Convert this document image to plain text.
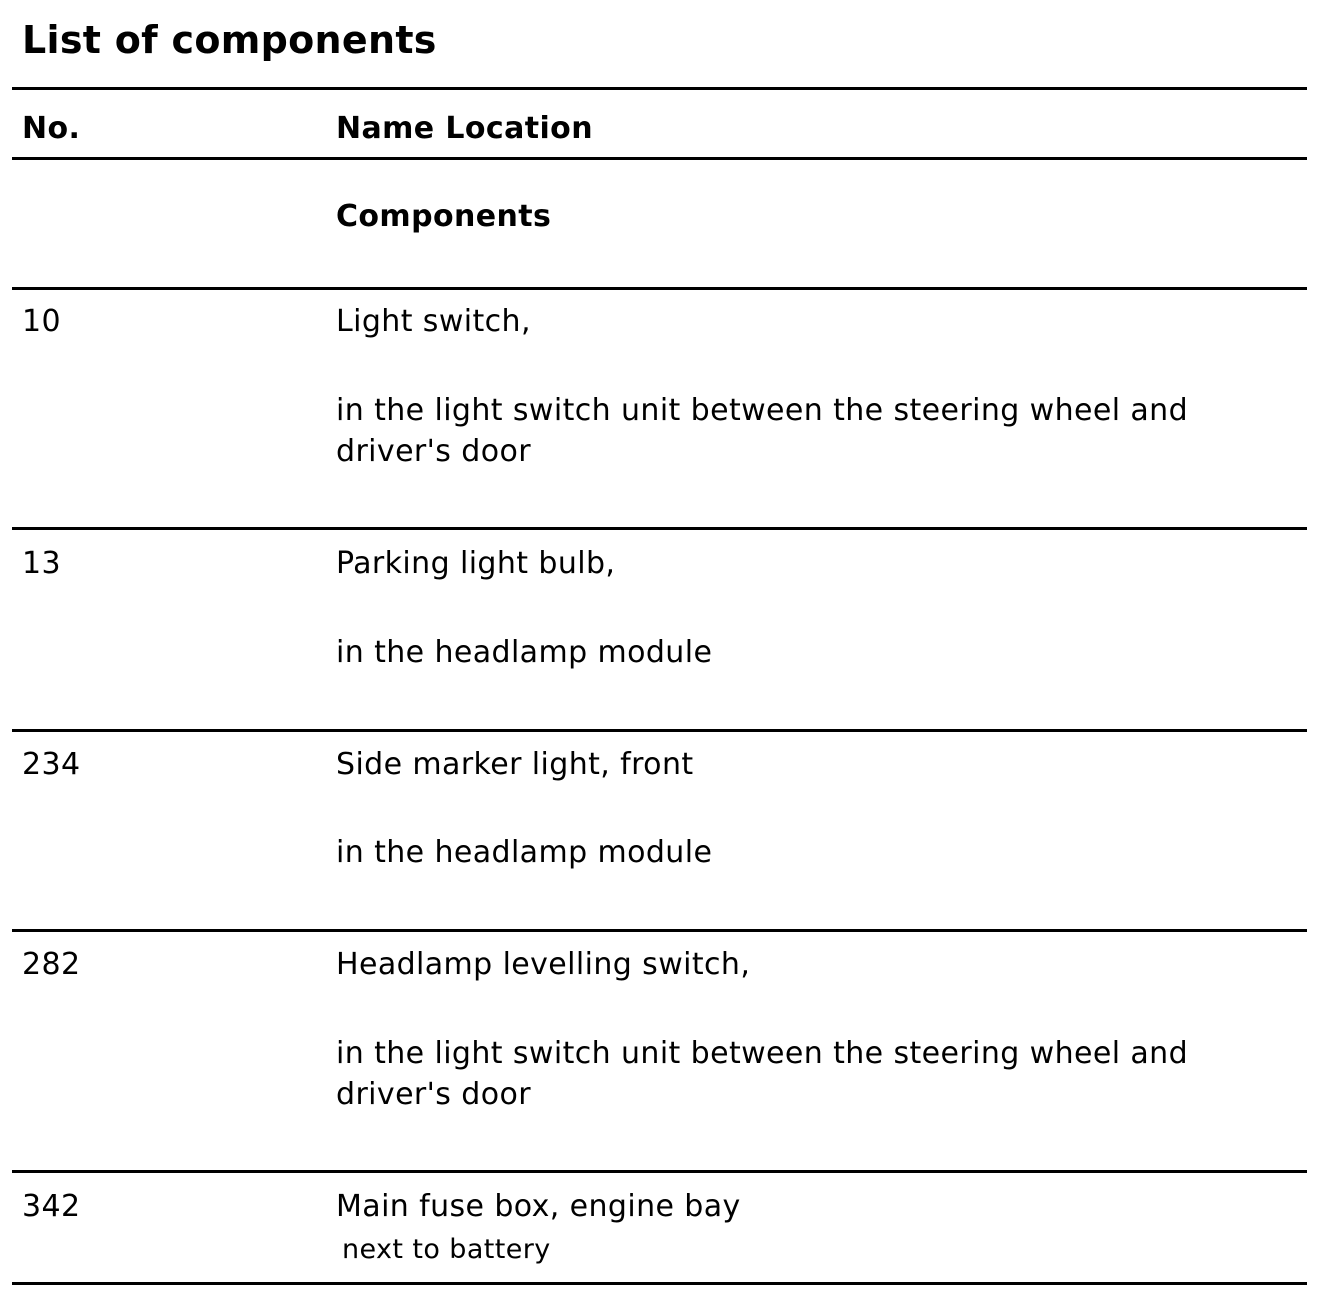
List of components
No.	Name Location
Components
10	Light switch,
in the light switch unit between the steering wheel and
driver's door
13	Parking light bulb,
in the headlamp module
234	Side marker light, front
in the headlamp module
282	Headlamp levelling switch,
in the light switch unit between the steering wheel and
driver's door
342	Main fuse box, engine bay
next to battery
